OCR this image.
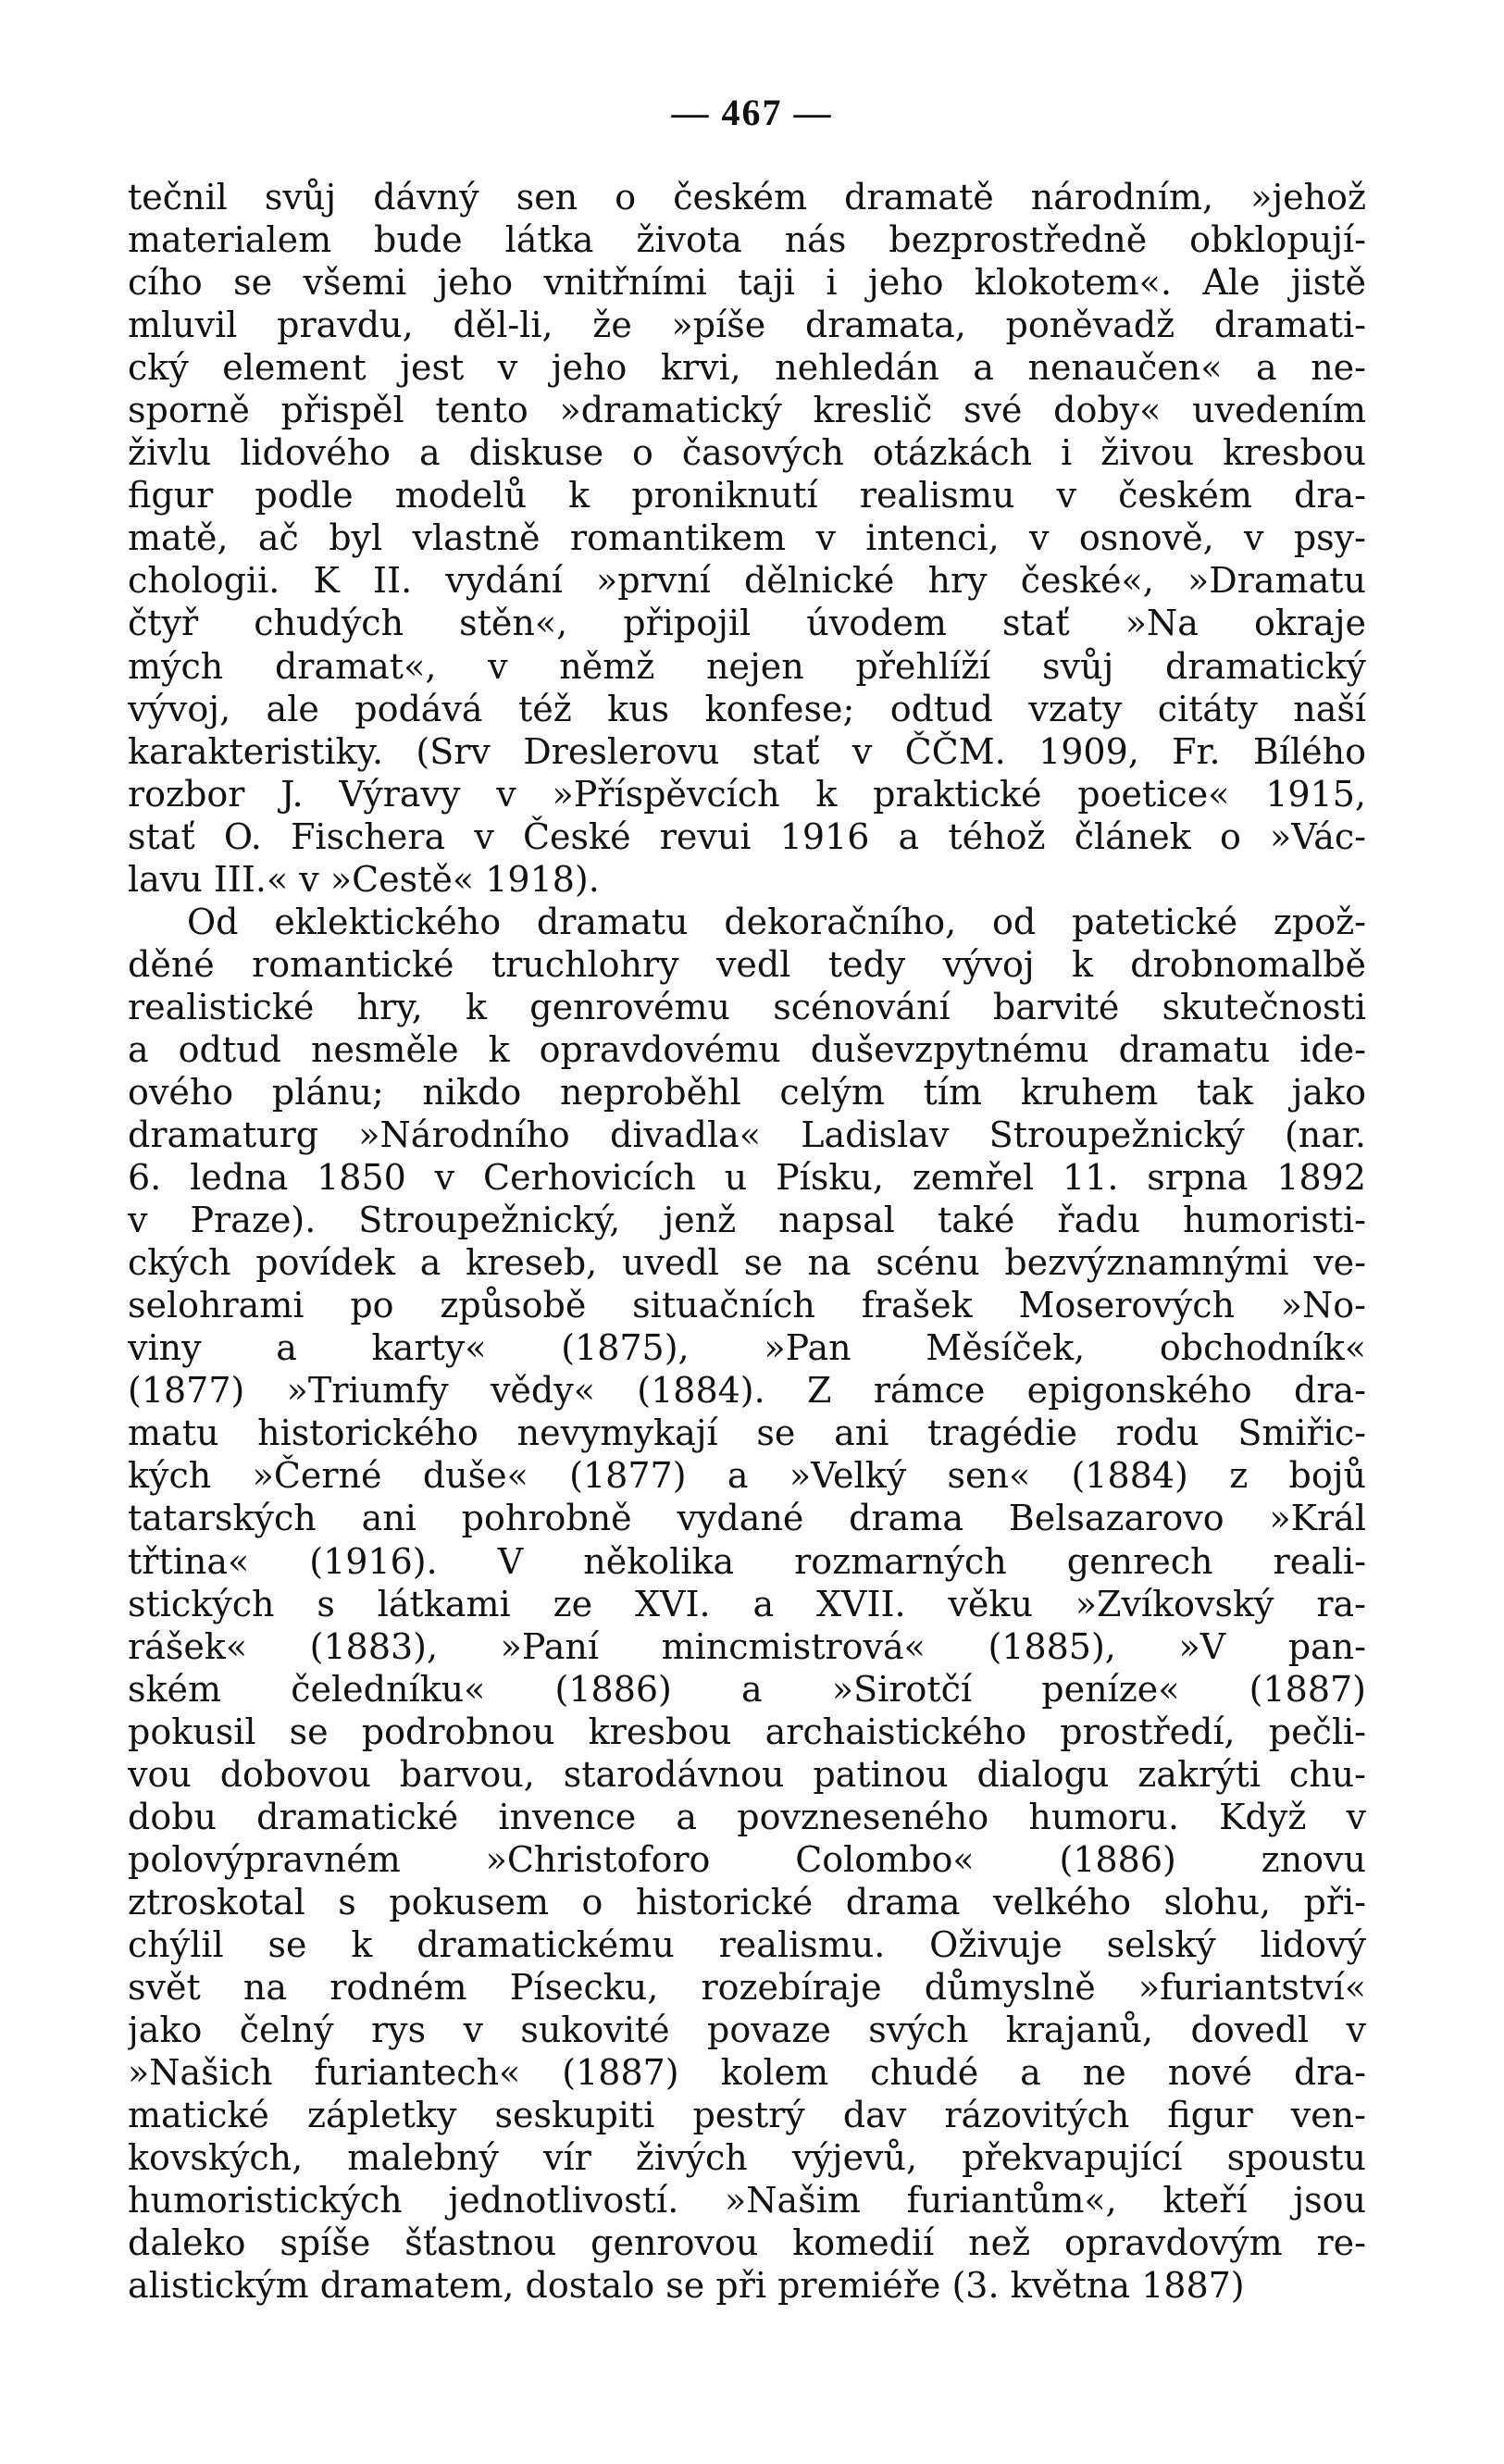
— 467 —
tečnil svůj dávný sen o českém dramatě národním, »jehož
materialem bude látka života nás bezprostředně obklopují-
cího se všemi jeho vnitřními taji i jeho klokotem«. Ale jistě
mluvil pravdu, děl-li, že »píše dramata, poněvadž dramati-
cký element jest v jeho krvi, nehledán a nenaučen« a ne-
sporně přispěl tento »dramatický kreslič své doby« uvedením
živlu lidového a diskuse o časových otázkách i živou kresbou
figur podle modelů k proniknutí realismu v českém dra-
matě, ač byl vlastně romantikem v intenci, v osnově, v psy-
chologii. K II. vydání »první dělnické hry české«, »Dramatu
čtyř chudých stěn«, připojil úvodem stať »Na okraje
mých dramat«, v němž nejen přehlíží svůj dramatický
vývoj, ale podává též kus konfese; odtud vzaty citáty naší
karakteristiky. (Srv Dreslerovu stať v ČČM. 1909, Fr. Bílého
rozbor J. Výravy v »Příspěvcích k praktické poetice« 1915,
stať O. Fischera v České revui 1916 a téhož článek o »Vác-
lavu III.« v »Cestě« 1918).
Od eklektického dramatu dekoračního, od patetické zpož-
děné romantické truchlohry vedl tedy vývoj k drobnomalbě
realistické hry, k genrovému scénování barvité skutečnosti
a odtud nesměle k opravdovému duševzpytnému dramatu ide-
ového plánu; nikdo neproběhl celým tím kruhem tak jako
dramaturg »Národního divadla« Ladislav Stroupežnický (nar.
6. ledna 1850 v Cerhovicích u Písku, zemřel 11. srpna 1892
v Praze). Stroupežnický, jenž napsal také řadu humoristi-
ckých povídek a kreseb, uvedl se na scénu bezvýznamnými ve-
selohrami po způsobě situačních frašek Moserových »No-
viny a karty« (1875), »Pan Měsíček, obchodník«
(1877) »Triumfy vědy« (1884). Z rámce epigonského dra-
matu historického nevymykají se ani tragédie rodu Smiřic-
kých »Černé duše« (1877) a »Velký sen« (1884) z bojů
tatarských ani pohrobně vydané drama Belsazarovo »Král
třtina« (1916). V několika rozmarných genrech reali-
stických s látkami ze XVI. a XVII. věku »Zvíkovský ra-
rášek« (1883), »Paní mincmistrová« (1885), »V pan-
ském čeledníku« (1886) a »Sirotčí peníze« (1887)
pokusil se podrobnou kresbou archaistického prostředí, pečli-
vou dobovou barvou, starodávnou patinou dialogu zakrýti chu-
dobu dramatické invence a povzneseného humoru. Když v
polovýpravném »Christoforo Colombo« (1886) znovu
ztroskotal s pokusem o historické drama velkého slohu, při-
chýlil se k dramatickému realismu. Oživuje selský lidový
svět na rodném Písecku, rozebíraje důmyslně »furiantství«
jako čelný rys v sukovité povaze svých krajanů, dovedl v
»Našich furiantech« (1887) kolem chudé a ne nové dra-
matické zápletky seskupiti pestrý dav rázovitých figur ven-
kovských, malebný vír živých výjevů, překvapující spoustu
humoristických jednotlivostí. »Našim furiantům«, kteří jsou
daleko spíše šťastnou genrovou komedií než opravdovým re-
alistickým dramatem, dostalo se při premiéře (3. května 1887)
